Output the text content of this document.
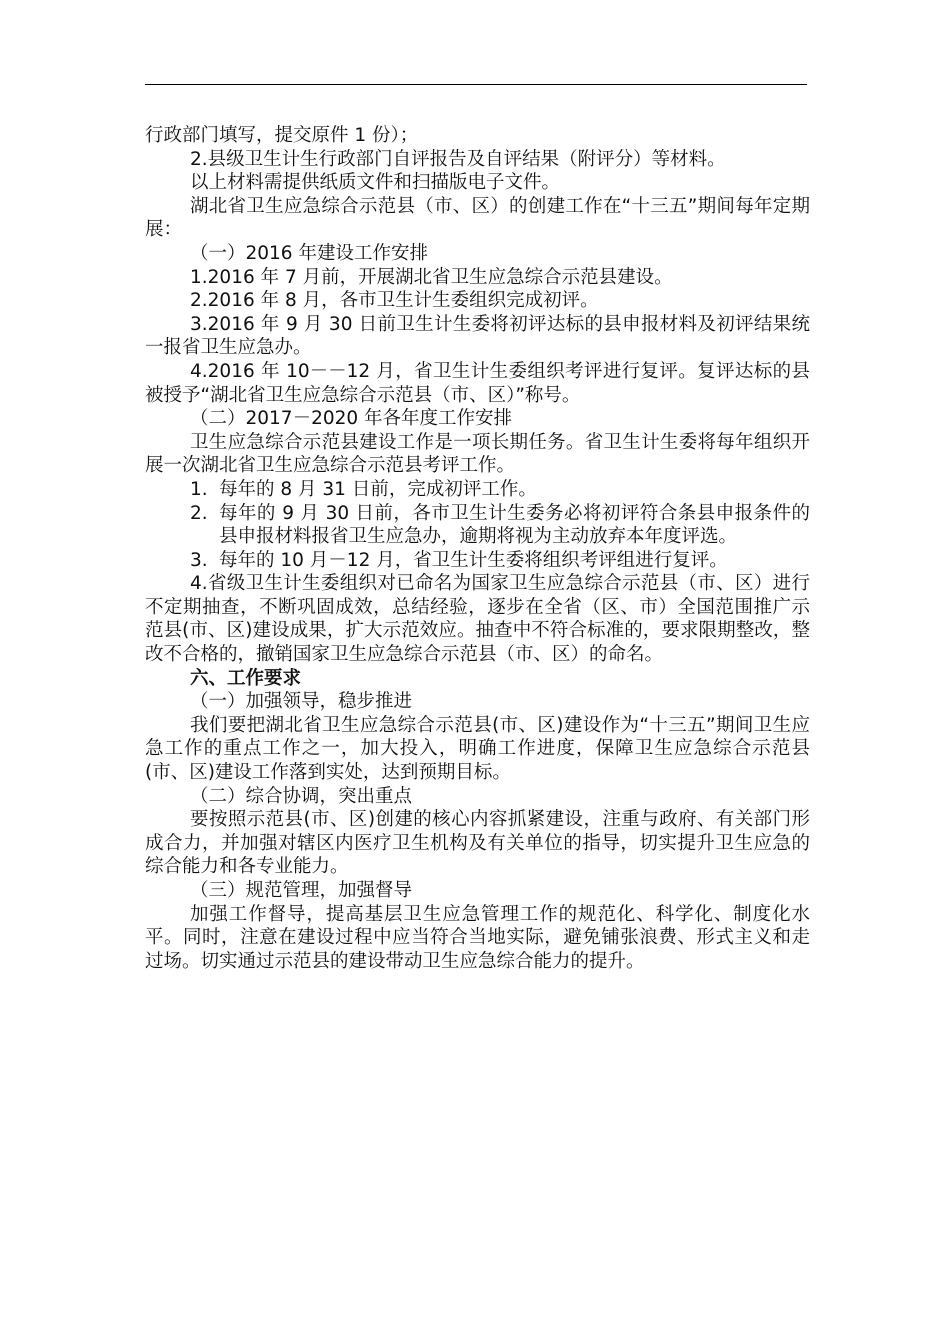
行政部门填写，提交原件 1 份）；

2.县级卫生计生行政部门自评报告及自评结果（附评分）等材料。

以上材料需提供纸质文件和扫描版电子文件。

湖北省卫生应急综合示范县（市、区）的创建工作在“十三五”期间每年定期展：

（一）2016 年建设工作安排

1.2016 年 7 月前，开展湖北省卫生应急综合示范县建设。

2.2016 年 8 月，各市卫生计生委组织完成初评。

3.2016 年 9 月 30 日前卫生计生委将初评达标的县申报材料及初评结果统一报省卫生应急办。

4.2016 年 10－－12 月，省卫生计生委组织考评进行复评。复评达标的县被授予“湖北省卫生应急综合示范县（市、区）”称号。

（二）2017－2020 年各年度工作安排

卫生应急综合示范县建设工作是一项长期任务。省卫生计生委将每年组织开展一次湖北省卫生应急综合示范县考评工作。

1. 每年的 8 月 31 日前，完成初评工作。
2. 每年的 9 月 30 日前，各市卫生计生委务必将初评符合条县申报条件的县申报材料报省卫生应急办，逾期将视为主动放弃本年度评选。
3. 每年的 10 月－12 月，省卫生计生委将组织考评组进行复评。

4.省级卫生计生委组织对已命名为国家卫生应急综合示范县（市、区）进行不定期抽查，不断巩固成效，总结经验，逐步在全省（区、市）全国范围推广示范县(市、区)建设成果，扩大示范效应。抽查中不符合标准的，要求限期整改，整改不合格的，撤销国家卫生应急综合示范县（市、区）的命名。

六、工作要求

（一）加强领导，稳步推进

我们要把湖北省卫生应急综合示范县(市、区)建设作为“十三五”期间卫生应急工作的重点工作之一，加大投入，明确工作进度，保障卫生应急综合示范县(市、区)建设工作落到实处，达到预期目标。

（二）综合协调，突出重点

要按照示范县(市、区)创建的核心内容抓紧建设，注重与政府、有关部门形成合力，并加强对辖区内医疗卫生机构及有关单位的指导，切实提升卫生应急的综合能力和各专业能力。

（三）规范管理，加强督导

加强工作督导，提高基层卫生应急管理工作的规范化、科学化、制度化水平。同时，注意在建设过程中应当符合当地实际，避免铺张浪费、形式主义和走过场。切实通过示范县的建设带动卫生应急综合能力的提升。
